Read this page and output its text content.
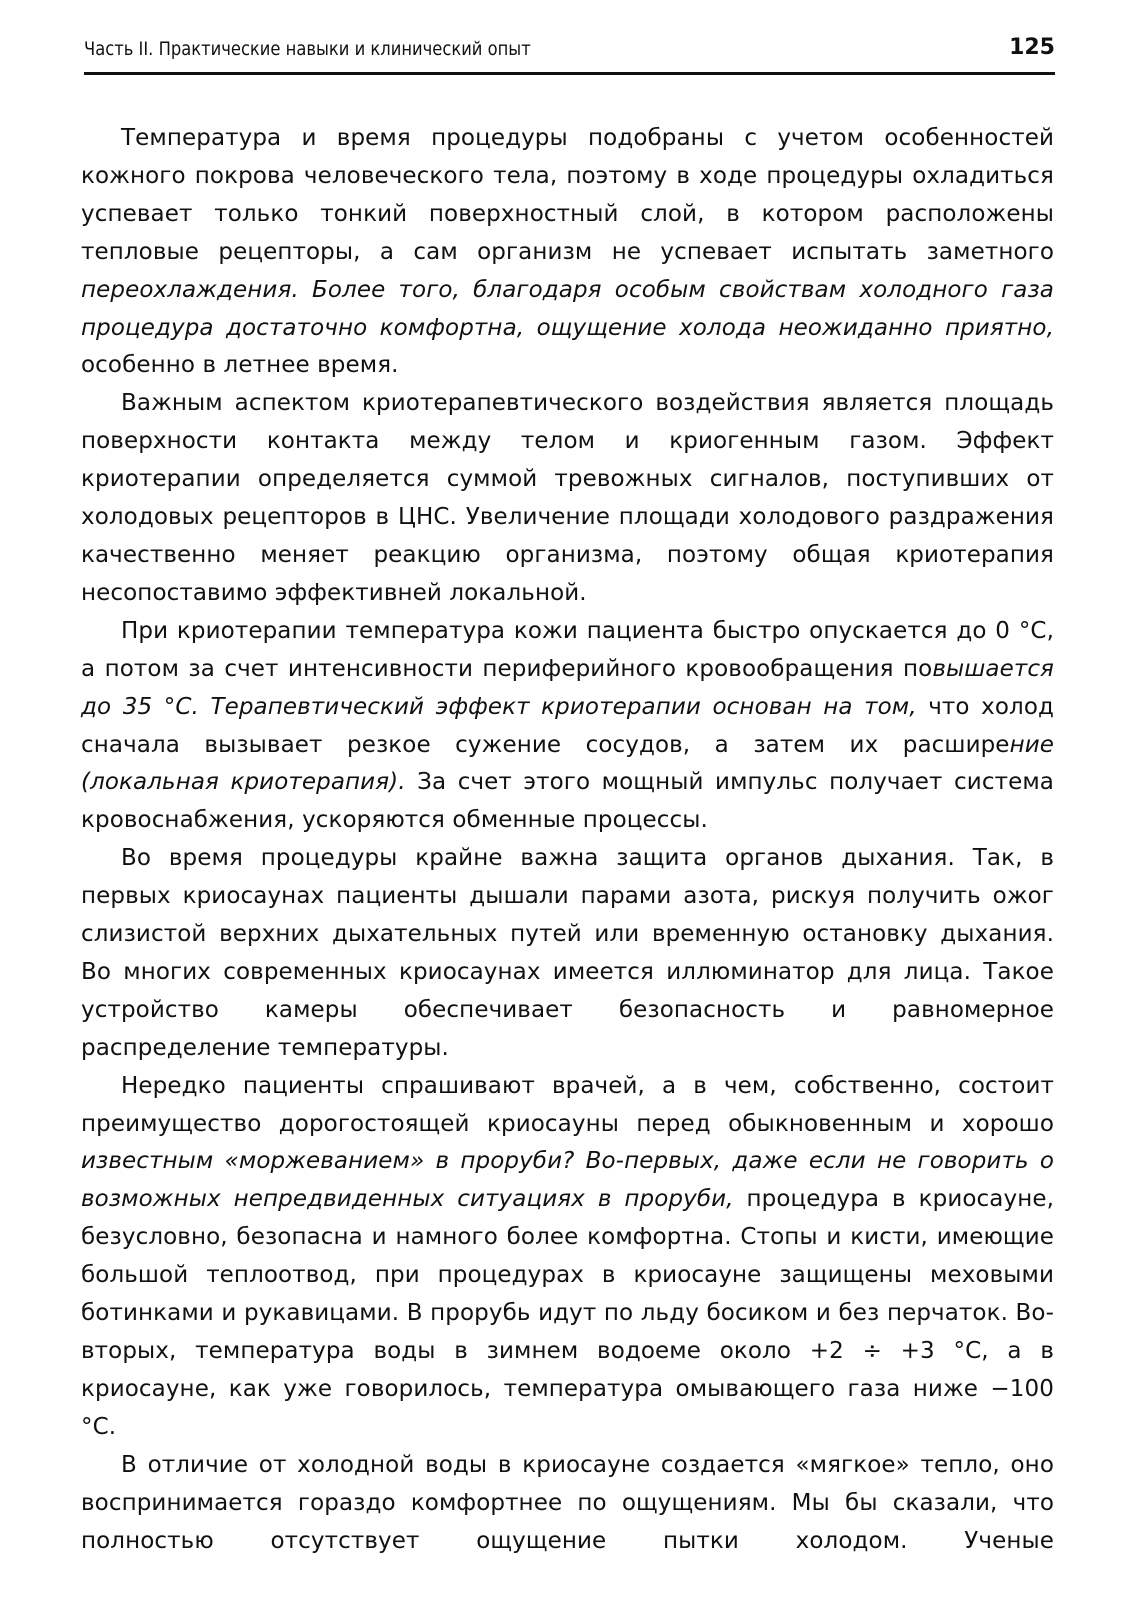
Часть II. Практические навыки и клинический опыт	125

Температура и время процедуры подобраны с учетом особенностей кожного покрова человеческого тела, поэтому в ходе процедуры охладиться успевает только тонкий поверхностный слой, в котором расположены тепловые рецепторы, а сам организм не успевает испытать заметного переохлаждения. Более того, благодаря особым свойствам холодного газа процедура достаточно комфортна, ощущение холода неожиданно приятно, особенно в летнее время.

Важным аспектом криотерапевтического воздействия является площадь поверхности контакта между телом и криогенным газом. Эффект криотерапии определяется суммой тревожных сигналов, поступивших от холодовых рецепторов в ЦНС. Увеличение площади холодового раздражения качественно меняет реакцию организма, поэтому общая криотерапия несопоставимо эффективней локальной.

При криотерапии температура кожи пациента быстро опускается до 0 °С, а потом за счет интенсивности периферийного кровообращения повышается до 35 °С. Терапевтический эффект криотерапии основан на том, что холод сначала вызывает резкое сужение сосудов, а затем их расширение (локальная криотерапия). За счет этого мощный импульс получает система кровоснабжения, ускоряются обменные процессы.

Во время процедуры крайне важна защита органов дыхания. Так, в первых криосаунах пациенты дышали парами азота, рискуя получить ожог слизистой верхних дыхательных путей или временную остановку дыхания. Во многих современных криосаунах имеется иллюминатор для лица. Такое устройство камеры обеспечивает безопасность и равномерное распределение температуры.

Нередко пациенты спрашивают врачей, а в чем, собственно, состоит преимущество дорогостоящей криосауны перед обыкновенным и хорошо известным «моржеванием» в проруби? Во-первых, даже если не говорить о возможных непредвиденных ситуациях в проруби, процедура в криосауне, безусловно, безопасна и намного более комфортна. Стопы и кисти, имеющие большой теплоотвод, при процедурах в криосауне защищены меховыми ботинками и рукавицами. В прорубь идут по льду босиком и без перчаток. Во-вторых, температура воды в зимнем водоеме около +2 ÷ +3 °С, а в криосауне, как уже говорилось, температура омывающего газа ниже −100 °С.

В отличие от холодной воды в криосауне создается «мягкое» тепло, оно воспринимается гораздо комфортнее по ощущениям. Мы бы сказали, что полностью отсутствует ощущение пытки холодом. Ученые
